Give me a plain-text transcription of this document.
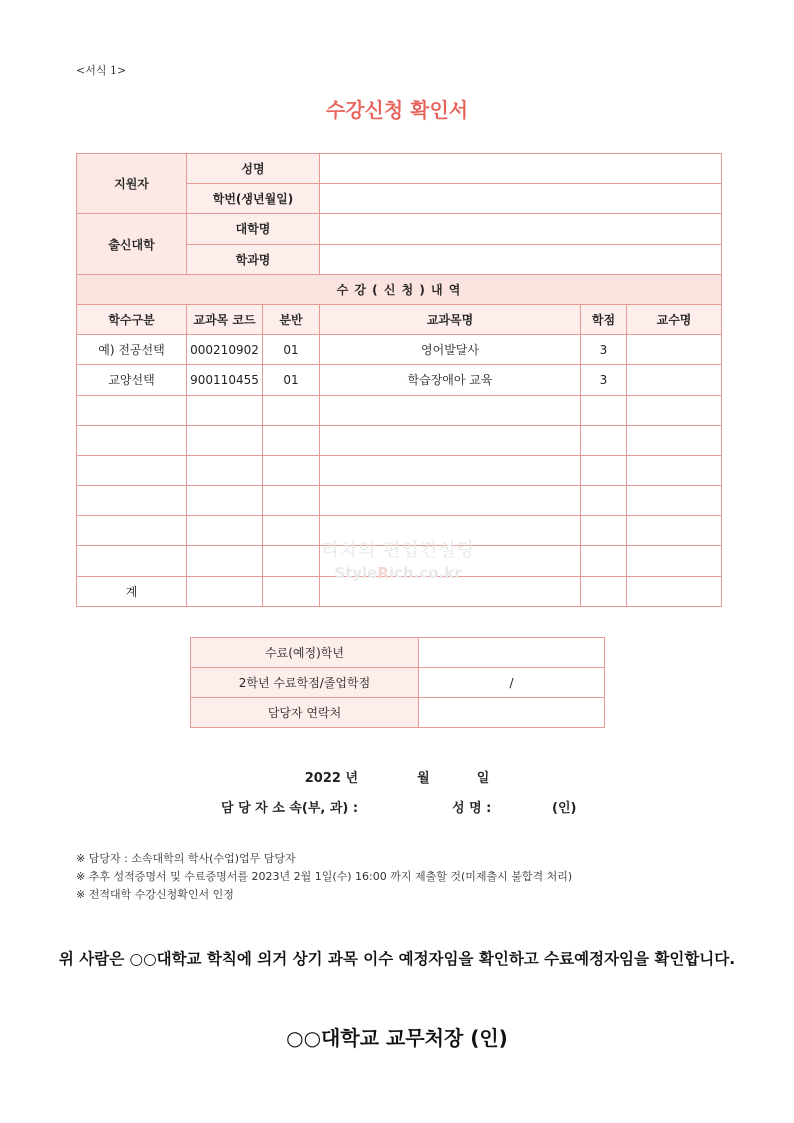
<서식 1>
수강신청 확인서
지원자	성명				
	학번(생년월일)				
출신대학	대학명				
	학과명				
수 강 ( 신 청 ) 내 역					
학수구분	교과목 코드	분반	교과목명	학점	교수명
예) 전공선택	000210902	01	영어발달사	3	
교양선택	900110455	01	학습장애아 교육	3	

계					
리치의 편입컨설팅
StyleRich.co.kr
수료(예정)학년	
2학년 수료학점/졸업학점	/
담당자 연락처	
2022 년	월	일
담 당 자 소 속(부, 과) :	성 명 :	(인)
※ 담당자 : 소속대학의 학사(수업)업무 담당자
※ 추후 성적증명서 및 수료증명서를 2023년 2월 1일(수) 16:00 까지 제출할 것(미제출시 불합격 처리)
※ 전적대학 수강신청확인서 인정
위 사람은 ○○대학교 학칙에 의거 상기 과목 이수 예정자임을 확인하고 수료예정자임을 확인합니다.
○○대학교 교무처장 (인)
